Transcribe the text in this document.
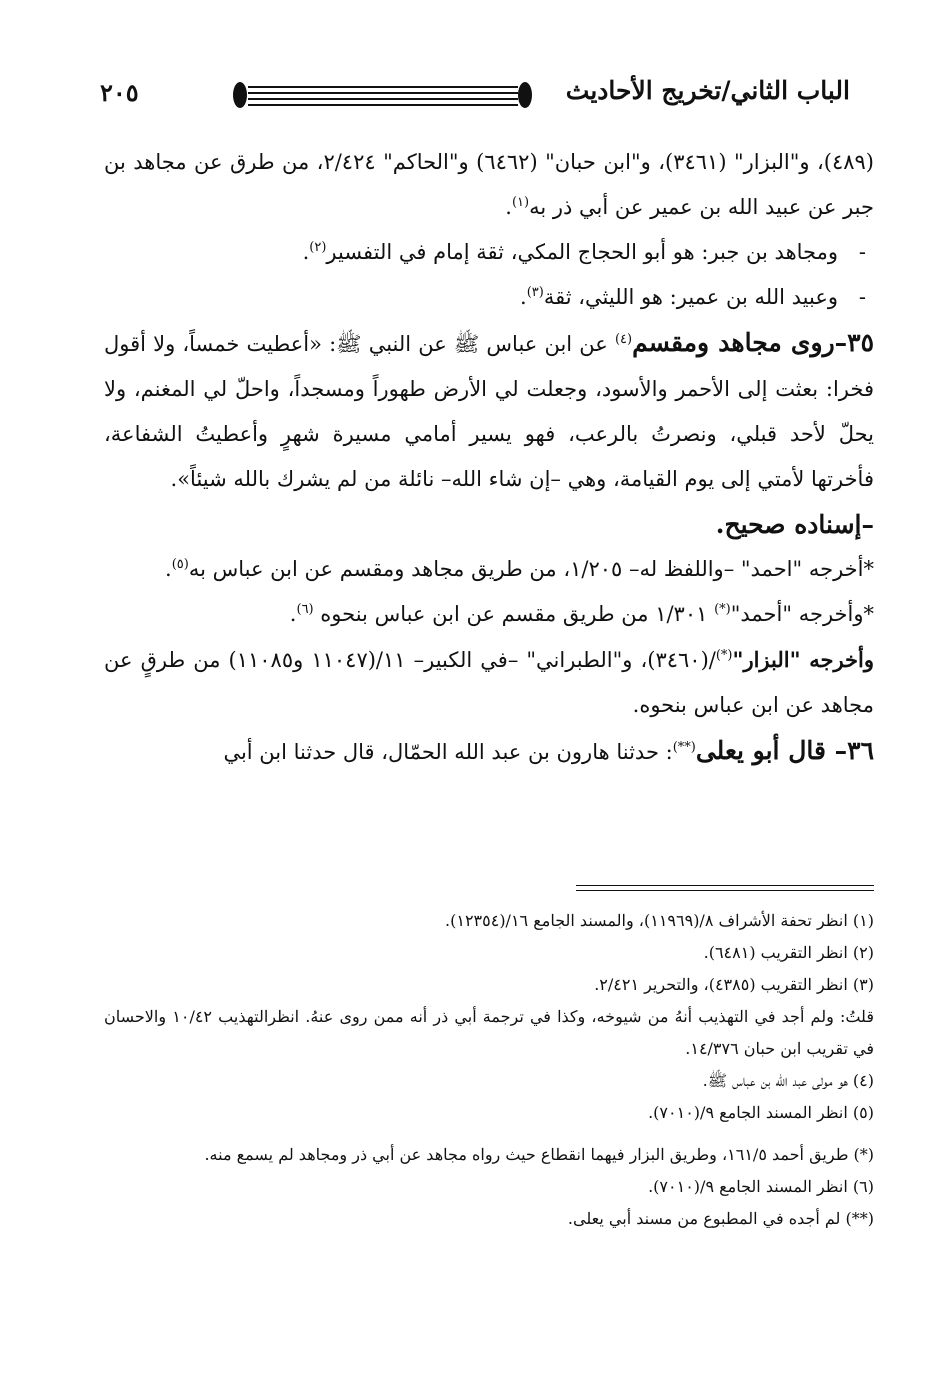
الباب الثاني/تخريج الأحاديث
٢٠٥

(٤٨٩)، و"البزار" (٣٤٦١)، و"ابن حبان" (٦٤٦٢) و"الحاكم" ٢/٤٢٤، من طرق عن مجاهد بن جبر عن عبيد الله بن عمير عن أبي ذر به$^{(١)}$.

-ومجاهد بن جبر: هو أبو الحجاج المكي، ثقة إمام في التفسير$^{(٢)}$.

-وعبيد الله بن عمير: هو الليثي، ثقة$^{(٣)}$.

٣٥–روى مجاهد ومقسم$^{(٤)}$ عن ابن عباس ﷺ عن النبي ﷺ: «أعطيت خمساً، ولا أقول فخرا: بعثت إلى الأحمر والأسود، وجعلت لي الأرض طهوراً ومسجداً، واحلّ لي المغنم، ولا يحلّ لأحد قبلي، ونصرتُ بالرعب، فهو يسير أمامي مسيرة شهرٍ وأعطيتُ الشفاعة، فأخرتها لأمتي إلى يوم القيامة، وهي –إن شاء الله– نائلة من لم يشرك بالله شيئاً».

–إسناده صحيح.

*أخرجه "احمد" –واللفظ له– ١/٢٠٥، من طريق مجاهد ومقسم عن ابن عباس به$^{(٥)}$.

*وأخرجه "أحمد"(*) ١/٣٠١ من طريق مقسم عن ابن عباس بنحوه $^{(٦)}$.

وأخرجه "البزار"(*)/(٣٤٦٠)، و"الطبراني" –في الكبير– ١١/(١١٠٤٧ و١١٠٨٥) من طرقٍ عن مجاهد عن ابن عباس بنحوه.

٣٦– قال أبو يعلى(**): حدثنا هارون بن عبد الله الحمّال، قال حدثنا ابن أبي

(١) انظر تحفة الأشراف ٨/(١١٩٦٩)، والمسند الجامع ١٦/(١٢٣٥٤).

(٢) انظر التقريب (٦٤٨١).

(٣) انظر التقريب (٤٣٨٥)، والتحرير ٢/٤٢١.

قلتُ: ولم أجد في التهذيب أنهُ من شيوخه، وكذا في ترجمة أبي ذر أنه ممن روى عنهُ. انظرالتهذيب ١٠/٤٢ والاحسان في تقريب ابن حبان ١٤/٣٧٦.

(٤) هو مولى عبد الله بن عباس ﷺ.

(٥) انظر المسند الجامع ٩/(٧٠١٠).

(*) طريق أحمد ١٦١/٥، وطريق البزار فيهما انقطاع حيث رواه مجاهد عن أبي ذر ومجاهد لم يسمع منه.

(٦) انظر المسند الجامع ٩/(٧٠١٠).

(**) لم أجده في المطبوع من مسند أبي يعلى.
